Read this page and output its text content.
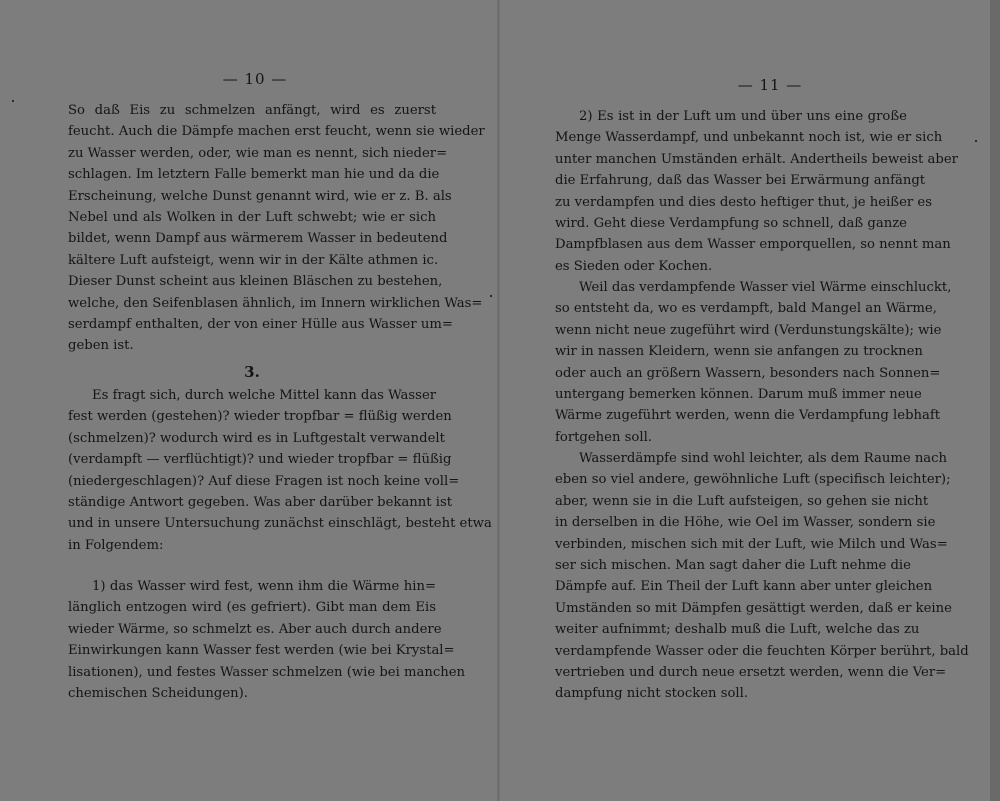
— 10 —
So daß Eis zu schmelzen anfängt, wird es zuerst
feucht. Auch die Dämpfe machen erst feucht, wenn sie wieder
zu Wasser werden, oder, wie man es nennt, sich nieder=
schlagen. Im letztern Falle bemerkt man hie und da die
Erscheinung, welche Dunst genannt wird, wie er z. B. als
Nebel und als Wolken in der Luft schwebt; wie er sich
bildet, wenn Dampf aus wärmerem Wasser in bedeutend
kältere Luft aufsteigt, wenn wir in der Kälte athmen ic.
Dieser Dunst scheint aus kleinen Bläschen zu bestehen,
welche, den Seifenblasen ähnlich, im Innern wirklichen Was=
serdampf enthalten, der von einer Hülle aus Wasser um=
geben ist.
3.
Es fragt sich, durch welche Mittel kann das Wasser
fest werden (gestehen)? wieder tropfbar = flüßig werden
(schmelzen)? wodurch wird es in Luftgestalt verwandelt
(verdampft — verflüchtigt)? und wieder tropfbar = flüßig
(niedergeschlagen)? Auf diese Fragen ist noch keine voll=
ständige Antwort gegeben. Was aber darüber bekannt ist
und in unsere Untersuchung zunächst einschlägt, besteht etwa
in Folgendem:
1) das Wasser wird fest, wenn ihm die Wärme hin=
länglich entzogen wird (es gefriert). Gibt man dem Eis
wieder Wärme, so schmelzt es. Aber auch durch andere
Einwirkungen kann Wasser fest werden (wie bei Krystal=
lisationen), und festes Wasser schmelzen (wie bei manchen
chemischen Scheidungen).
— 11 —
2) Es ist in der Luft um und über uns eine große
Menge Wasserdampf, und unbekannt noch ist, wie er sich
unter manchen Umständen erhält. Andertheils beweist aber
die Erfahrung, daß das Wasser bei Erwärmung anfängt
zu verdampfen und dies desto heftiger thut, je heißer es
wird. Geht diese Verdampfung so schnell, daß ganze
Dampfblasen aus dem Wasser emporquellen, so nennt man
es Sieden oder Kochen.
Weil das verdampfende Wasser viel Wärme einschluckt,
so entsteht da, wo es verdampft, bald Mangel an Wärme,
wenn nicht neue zugeführt wird (Verdunstungskälte); wie
wir in nassen Kleidern, wenn sie anfangen zu trocknen
oder auch an größern Wassern, besonders nach Sonnen=
untergang bemerken können. Darum muß immer neue
Wärme zugeführt werden, wenn die Verdampfung lebhaft
fortgehen soll.
Wasserdämpfe sind wohl leichter, als dem Raume nach
eben so viel andere, gewöhnliche Luft (specifisch leichter);
aber, wenn sie in die Luft aufsteigen, so gehen sie nicht
in derselben in die Höhe, wie Oel im Wasser, sondern sie
verbinden, mischen sich mit der Luft, wie Milch und Was=
ser sich mischen. Man sagt daher die Luft nehme die
Dämpfe auf. Ein Theil der Luft kann aber unter gleichen
Umständen so mit Dämpfen gesättigt werden, daß er keine
weiter aufnimmt; deshalb muß die Luft, welche das zu
verdampfende Wasser oder die feuchten Körper berührt, bald
vertrieben und durch neue ersetzt werden, wenn die Ver=
dampfung nicht stocken soll.
